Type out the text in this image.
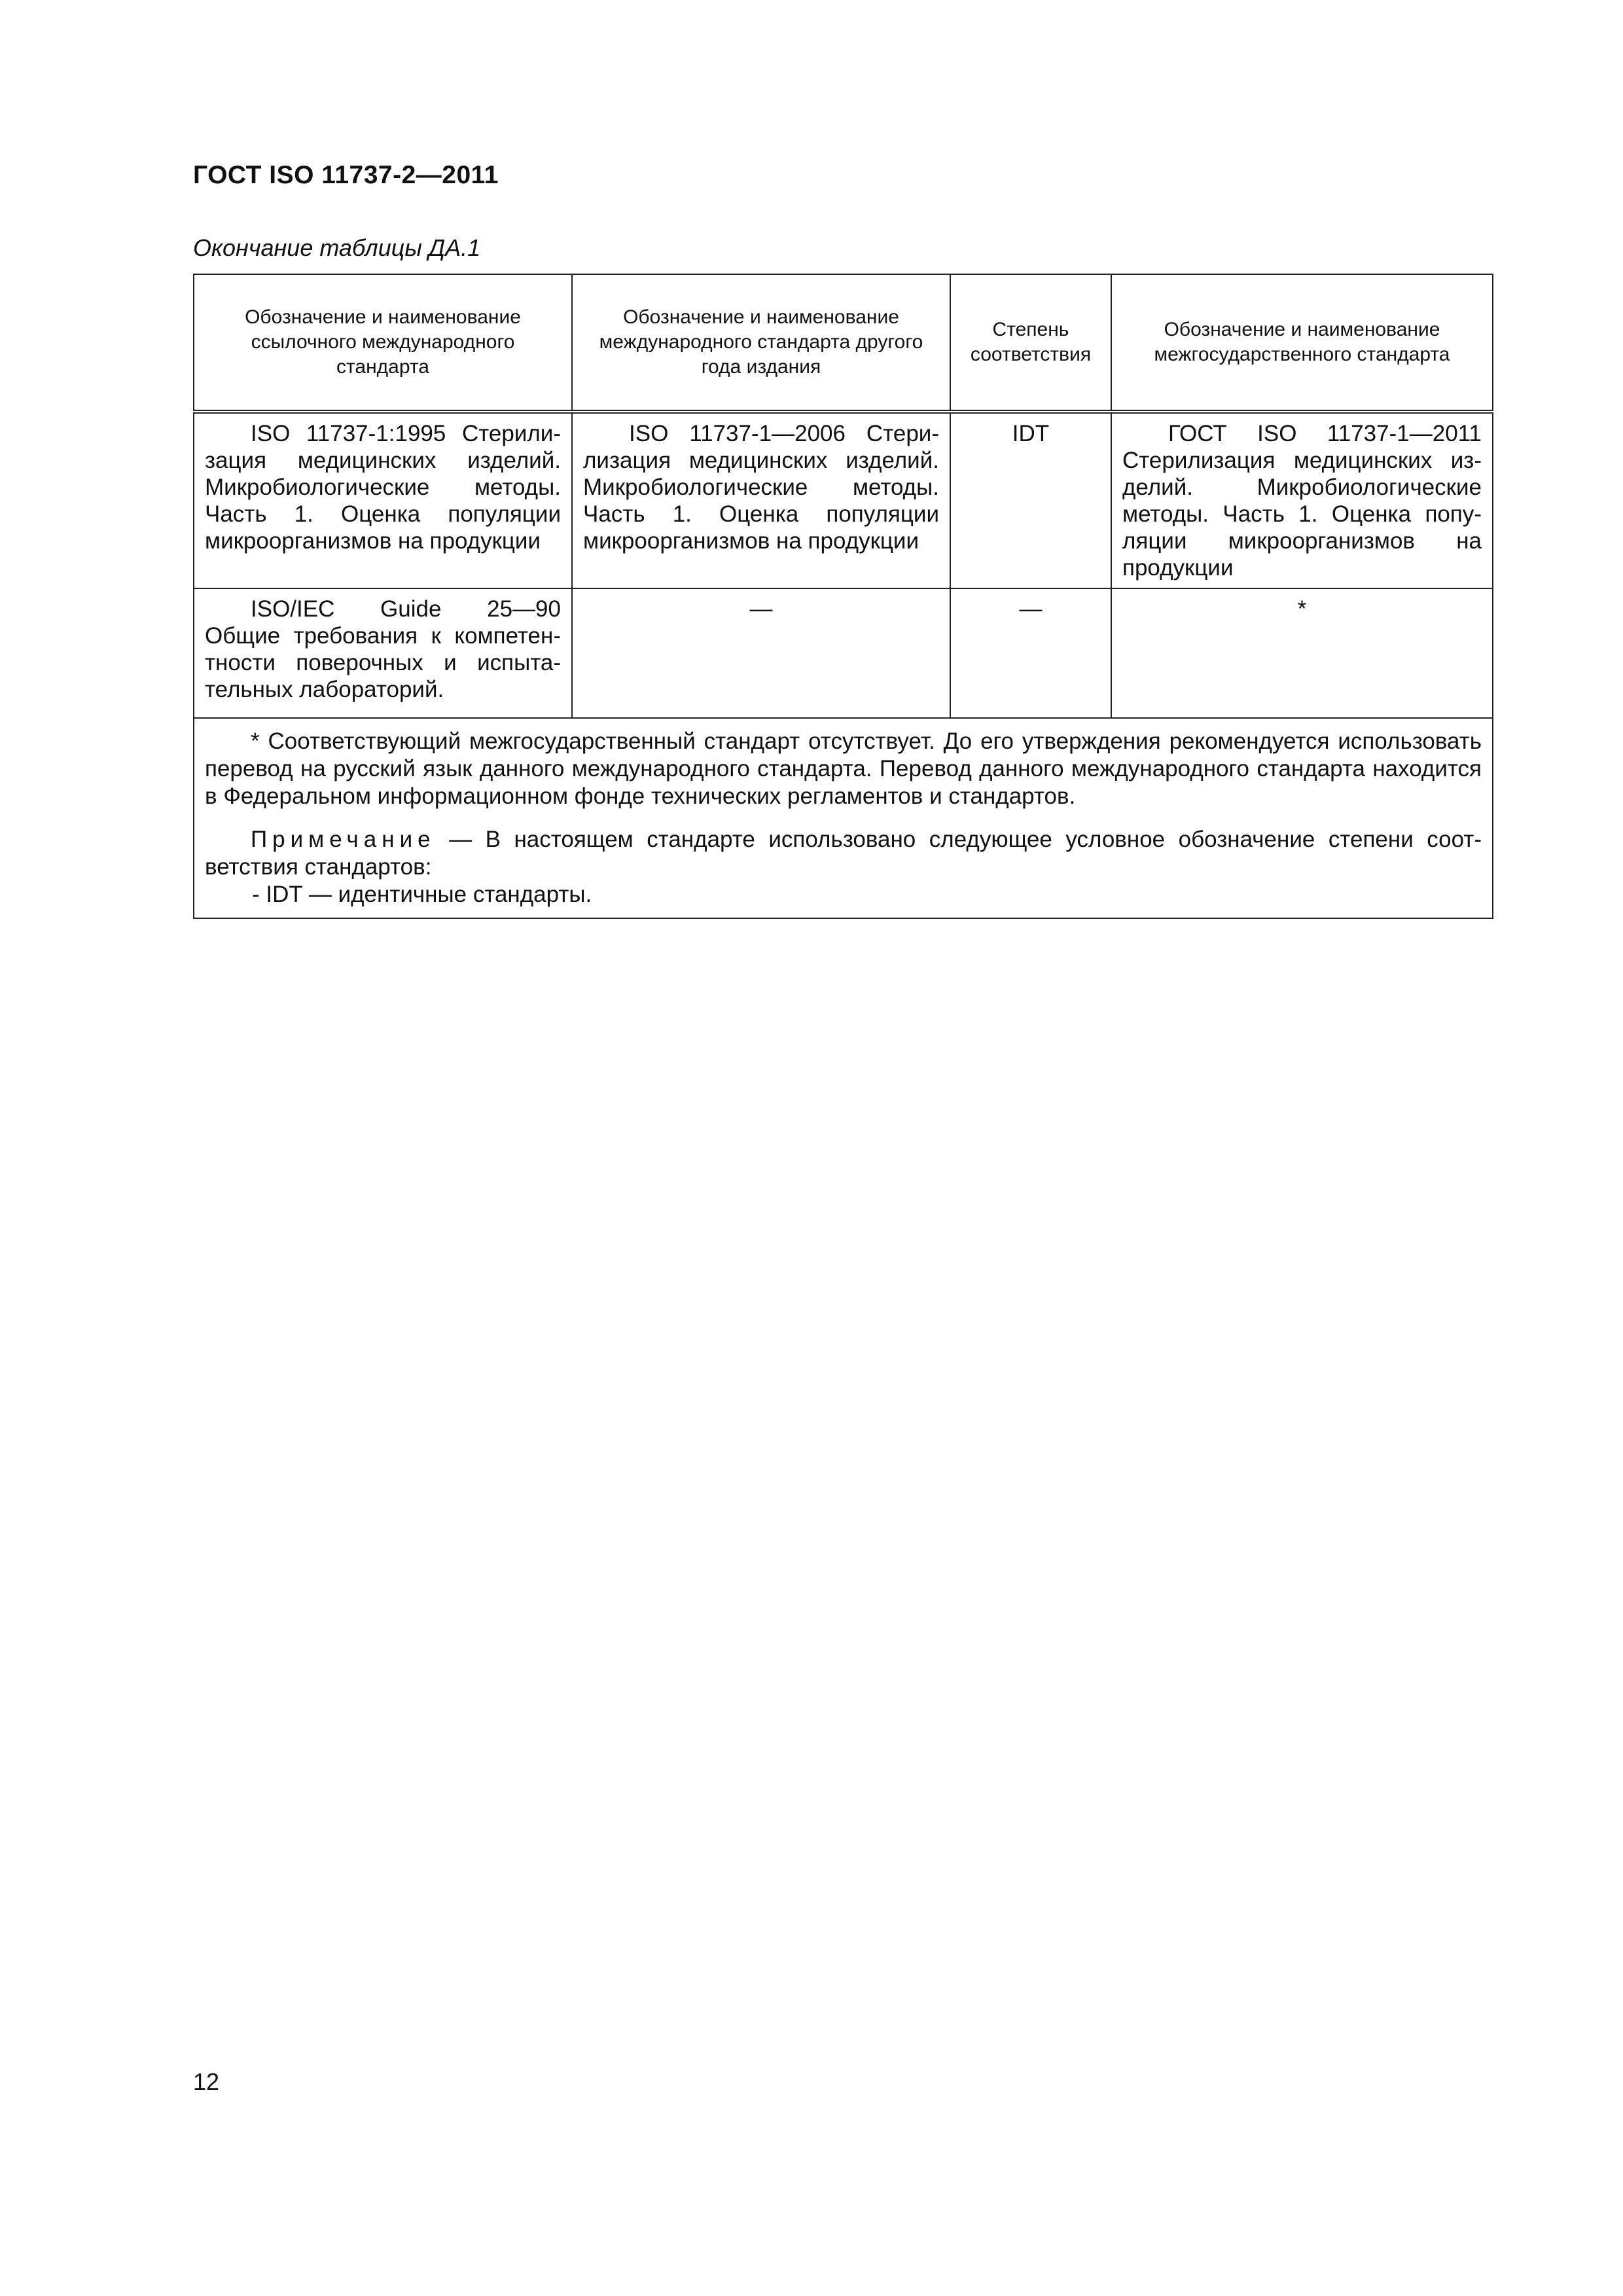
ГОСТ ISO 11737-2—2011
Окончание таблицы ДА.1
Обозначение и наименование ссылочного международного стандарта	Обозначение и наименование международного стандарта другого года издания	Степень соответствия	Обозначение и наименование межгосударственного стандарта

ISO 11737-1:1995 Стерилизация медицинских изделий. Микробиологические методы. Часть 1. Оценка популяции микроорганизмов на продукции	ISO 11737-1—2006 Стерилизация медицинских изделий. Микробиологические методы. Часть 1. Оценка популяции микроорганизмов на продукции	IDT	ГОСТ ISO 11737-1—2011 Стерилизация медицинских изделий. Микробиологические методы. Часть 1. Оценка популяции микроорганизмов на продукции

ISO/IEC Guide 25—90 Общие требования к компетентности поверочных и испытательных лабораторий.	—	—	*

* Соответствующий межгосударственный стандарт отсутствует. До его утверждения рекомендуется использовать перевод на русский язык данного международного стандарта. Перевод данного международного стандарта находится в Федеральном информационном фонде технических регламентов и стандартов.

Примечание — В настоящем стандарте использовано следующее условное обозначение степени соответствия стандартов:

- IDT — идентичные стандарты.			

12
